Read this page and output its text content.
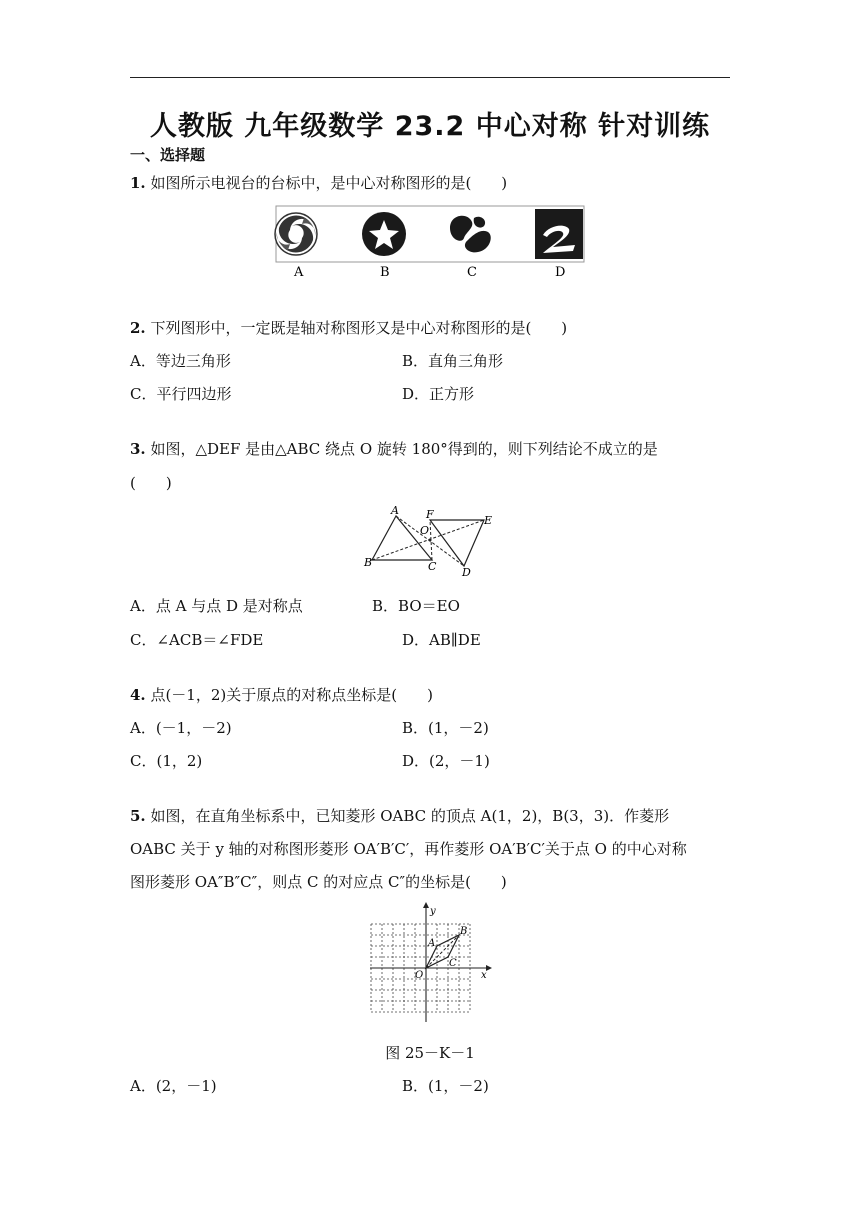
人教版 九年级数学 23.2 中心对称 针对训练
一、选择题
1. 如图所示电视台的台标中，是中心对称图形的是(　　)
A	B	C	D
2. 下列图形中，一定既是轴对称图形又是中心对称图形的是(　　)
A．等边三角形	B．直角三角形
C．平行四边形	D．正方形
3. 如图，△DEF 是由△ABC 绕点 O 旋转 180°得到的，则下列结论不成立的是
(　　)
A F
O
E
B	C D
A．点 A 与点 D 是对称点	B．BO＝EO
C．∠ACB＝∠FDE	D．AB∥DE
4. 点(－1，2)关于原点的对称点坐标是(　　)
A．(－1，－2)	B．(1，－2)
C．(1，2)	D．(2，－1)
5. 如图，在直角坐标系中，已知菱形 OABC 的顶点 A(1，2)，B(3，3)．作菱形
OABC 关于 y 轴的对称图形菱形 OA′B′C′，再作菱形 OA′B′C′关于点 O 的中心对称
图形菱形 OA″B″C″，则点 C 的对应点 C″的坐标是(　　)
y
x
O
A
B
C
图 25－K－1
A．(2，－1)	B．(1，－2)
